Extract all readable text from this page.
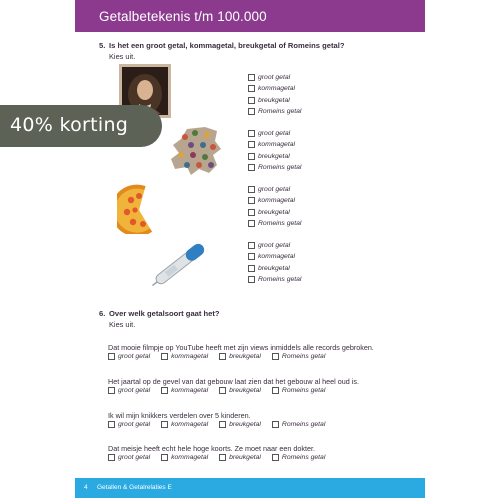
Getalbetekenis t/m 100.000
5. Is het een groot getal, kommagetal, breukgetal of Romeins getal?
Kies uit.
groot getal
kommagetal
breukgetal
Romeins getal
groot getal
kommagetal
breukgetal
Romeins getal
groot getal
kommagetal
breukgetal
Romeins getal
groot getal
kommagetal
breukgetal
Romeins getal
6. Over welk getalsoort gaat het?
Kies uit.
Dat mooie filmpje op YouTube heeft met zijn views inmiddels alle records gebroken.
groot getal	kommagetal	breukgetal	Romeins getal
Het jaartal op de gevel van dat gebouw laat zien dat het gebouw al heel oud is.
groot getal	kommagetal	breukgetal	Romeins getal
Ik wil mijn knikkers verdelen over 5 kinderen.
groot getal	kommagetal	breukgetal	Romeins getal
Dat meisje heeft echt hele hoge koorts. Ze moet naar een dokter.
groot getal	kommagetal	breukgetal	Romeins getal
4 Getallen & Getalrelaties E
40% korting
